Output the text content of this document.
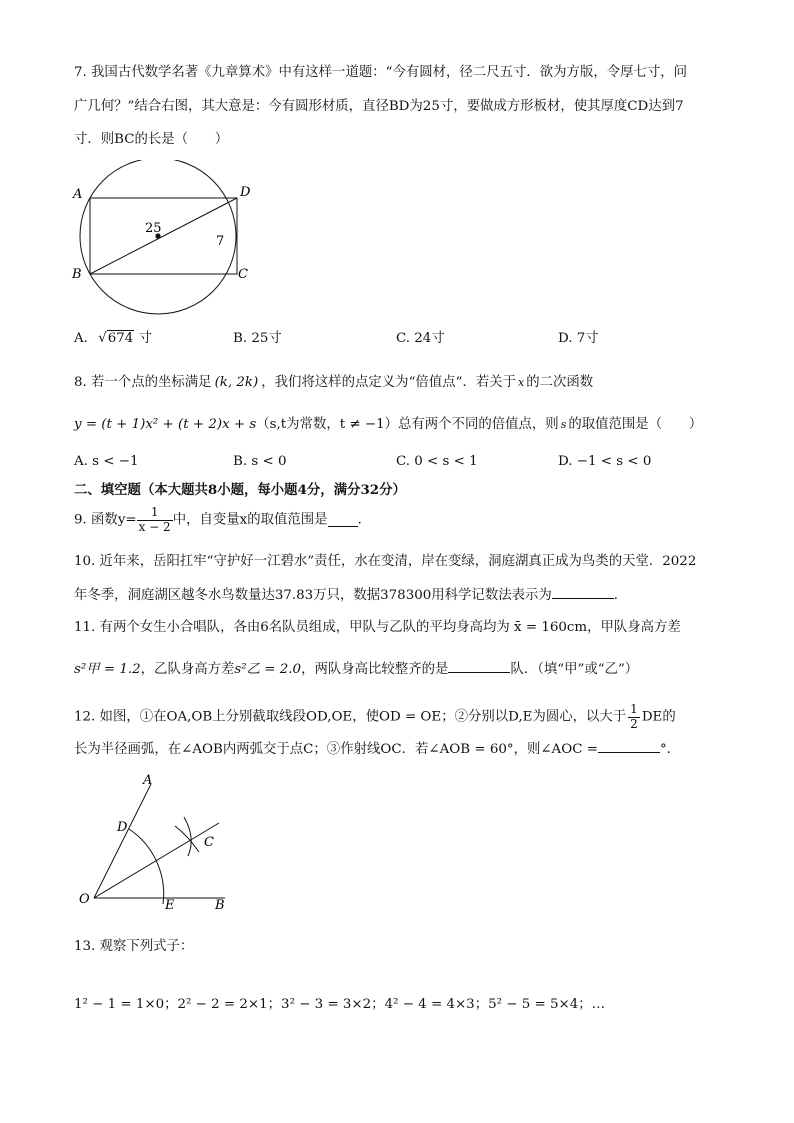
7. 我国古代数学名著《九章算术》中有这样一道题：“今有圆材，径二尺五寸．欲为方版，令厚七寸，问
广几何？”结合右图，其大意是：今有圆形材质，直径BD为25寸，要做成方形板材，使其厚度CD达到7
寸．则BC的长是（　　）
A	D
B	C
25
7
A. √674 寸	B. 25寸	C. 24寸	D. 7寸
8. 若一个点的坐标满足 (k, 2k) ，我们将这样的点定义为“倍值点”．若关于 x 的二次函数
y = (t + 1)x² + (t + 2)x + s（s,t为常数，t ≠ −1）总有两个不同的倍值点，则 s 的取值范围是（　　）
A. s < −1	B. s < 0	C. 0 < s < 1	D. −1 < s < 0
二、填空题（本大题共8小题，每小题4分，满分32分）
9. 函数$y= \frac{1}{x - 2}$ 中，自变量x的取值范围是 ．
10. 近年来，岳阳扛牢“守护好一江碧水”责任，水在变清，岸在变绿，洞庭湖真正成为鸟类的天堂．2022
年冬季，洞庭湖区越冬水鸟数量达37.83万只，数据378300用科学记数法表示为	．
11. 有两个女生小合唱队，各由6名队员组成，甲队与乙队的平均身高均为 x̄ = 160cm，甲队身高方差
s²甲 = 1.2，乙队身高方差s²乙 = 2.0，两队身高比较整齐的是	队．（填“甲”或“乙”）
12. 如图，①在OA,OB上分别截取线段OD,OE，使OD = OE；②分别以D,E为圆心，以大于 $\frac{1}{2}$ DE的
长为半径画弧，在∠AOB内两弧交于点C；③作射线OC．若∠AOB = 60°，则∠AOC =	°．
A
D
C
O	E	B
13. 观察下列式子：
1² − 1 = 1×0；2² − 2 = 2×1；3² − 3 = 3×2；4² − 4 = 4×3；5² − 5 = 5×4；…
